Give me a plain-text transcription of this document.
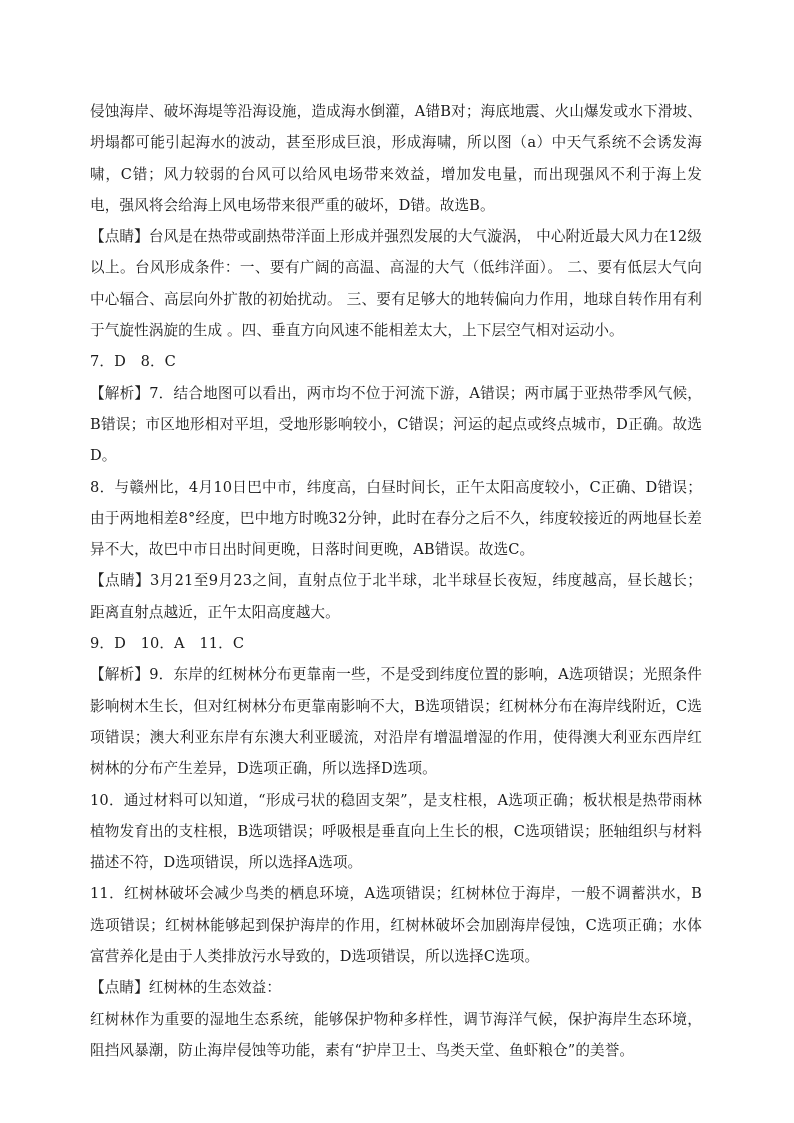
侵蚀海岸、破坏海堤等沿海设施，造成海水倒灌，A错B对；海底地震、火山爆发或水下滑坡、坍塌都可能引起海水的波动，甚至形成巨浪，形成海啸，所以图（a）中天气系统不会诱发海啸，C错；风力较弱的台风可以给风电场带来效益，增加发电量，而出现强风不利于海上发电，强风将会给海上风电场带来很严重的破坏，D错。故选B。

【点睛】台风是在热带或副热带洋面上形成并强烈发展的大气漩涡， 中心附近最大风力在12级以上。台风形成条件：一、要有广阔的高温、高湿的大气（低纬洋面）。 二、要有低层大气向中心辐合、高层向外扩散的初始扰动。 三、要有足够大的地转偏向力作用，地球自转作用有利于气旋性涡旋的生成 。四、垂直方向风速不能相差太大，上下层空气相对运动小。

7．D　8．C

【解析】7．结合地图可以看出，两市均不位于河流下游，A错误；两市属于亚热带季风气候，B错误；市区地形相对平坦，受地形影响较小，C错误；河运的起点或终点城市，D正确。故选D。

8．与赣州比，4月10日巴中市，纬度高，白昼时间长，正午太阳高度较小，C正确、D错误；由于两地相差8°经度，巴中地方时晚32分钟，此时在春分之后不久，纬度较接近的两地昼长差异不大，故巴中市日出时间更晚，日落时间更晚，AB错误。故选C。

【点睛】3月21至9月23之间，直射点位于北半球，北半球昼长夜短，纬度越高，昼长越长；距离直射点越近，正午太阳高度越大。

9．D　10．A　11．C

【解析】9．东岸的红树林分布更靠南一些，不是受到纬度位置的影响，A选项错误；光照条件影响树木生长，但对红树林分布更靠南影响不大，B选项错误；红树林分布在海岸线附近，C选项错误；澳大利亚东岸有东澳大利亚暖流，对沿岸有增温增湿的作用，使得澳大利亚东西岸红树林的分布产生差异，D选项正确，所以选择D选项。

10．通过材料可以知道，“形成弓状的稳固支架”，是支柱根，A选项正确；板状根是热带雨林植物发育出的支柱根，B选项错误；呼吸根是垂直向上生长的根，C选项错误；胚轴组织与材料描述不符，D选项错误，所以选择A选项。

11．红树林破坏会减少鸟类的栖息环境，A选项错误；红树林位于海岸，一般不调蓄洪水，B选项错误；红树林能够起到保护海岸的作用，红树林破坏会加剧海岸侵蚀，C选项正确；水体富营养化是由于人类排放污水导致的，D选项错误，所以选择C选项。

【点睛】红树林的生态效益：

红树林作为重要的湿地生态系统，能够保护物种多样性，调节海洋气候，保护海岸生态环境，阻挡风暴潮，防止海岸侵蚀等功能，素有“护岸卫士、鸟类天堂、鱼虾粮仓”的美誉。
